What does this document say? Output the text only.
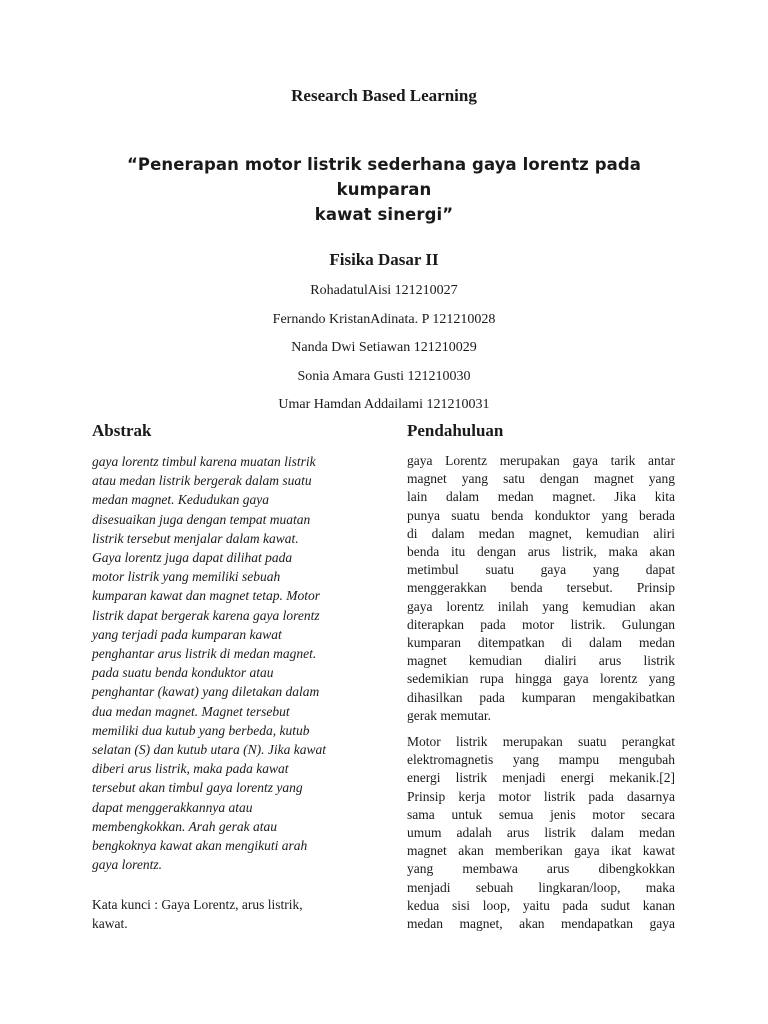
Research Based Learning
“Penerapan motor listrik sederhana gaya lorentz pada kumparan
kawat sinergi”
Fisika Dasar II
RohadatulAisi 121210027
Fernando KristanAdinata. P 121210028
Nanda Dwi Setiawan 121210029
Sonia Amara Gusti 121210030
Umar Hamdan Addailami 121210031
Abstrak	Pendahuluan
gaya lorentz timbul karena muatan listrik
atau medan listrik bergerak dalam suatu
medan magnet. Kedudukan gaya
disesuaikan juga dengan tempat muatan
listrik tersebut menjalar dalam kawat.
Gaya lorentz juga dapat dilihat pada
motor listrik yang memiliki sebuah
kumparan kawat dan magnet tetap. Motor
listrik dapat bergerak karena gaya lorentz
yang terjadi pada kumparan kawat
penghantar arus listrik di medan magnet.
pada suatu benda konduktor atau
penghantar (kawat) yang diletakan dalam
dua medan magnet. Magnet tersebut
memiliki dua kutub yang berbeda, kutub
selatan (S) dan kutub utara (N). Jika kawat
diberi arus listrik, maka pada kawat
tersebut akan timbul gaya lorentz yang
dapat menggerakkannya atau
membengkokkan. Arah gerak atau
bengkoknya kawat akan mengikuti arah
gaya lorentz.
Kata kunci : Gaya Lorentz, arus listrik,
kawat.
gaya Lorentz merupakan gaya tarik antar
magnet yang satu dengan magnet yang
lain dalam medan magnet. Jika kita
punya suatu benda konduktor yang berada
di dalam medan magnet, kemudian aliri
benda itu dengan arus listrik, maka akan
metimbul suatu gaya yang dapat
menggerakkan benda tersebut. Prinsip
gaya lorentz inilah yang kemudian akan
diterapkan pada motor listrik. Gulungan
kumparan ditempatkan di dalam medan
magnet kemudian dialiri arus listrik
sedemikian rupa hingga gaya lorentz yang
dihasilkan pada kumparan mengakibatkan
gerak memutar.
Motor listrik merupakan suatu perangkat
elektromagnetis yang mampu mengubah
energi listrik menjadi energi mekanik.[2]
Prinsip kerja motor listrik pada dasarnya
sama untuk semua jenis motor secara
umum adalah arus listrik dalam medan
magnet akan memberikan gaya ikat kawat
yang membawa arus dibengkokkan
menjadi sebuah lingkaran/loop, maka
kedua sisi loop, yaitu pada sudut kanan
medan magnet, akan mendapatkan gaya
